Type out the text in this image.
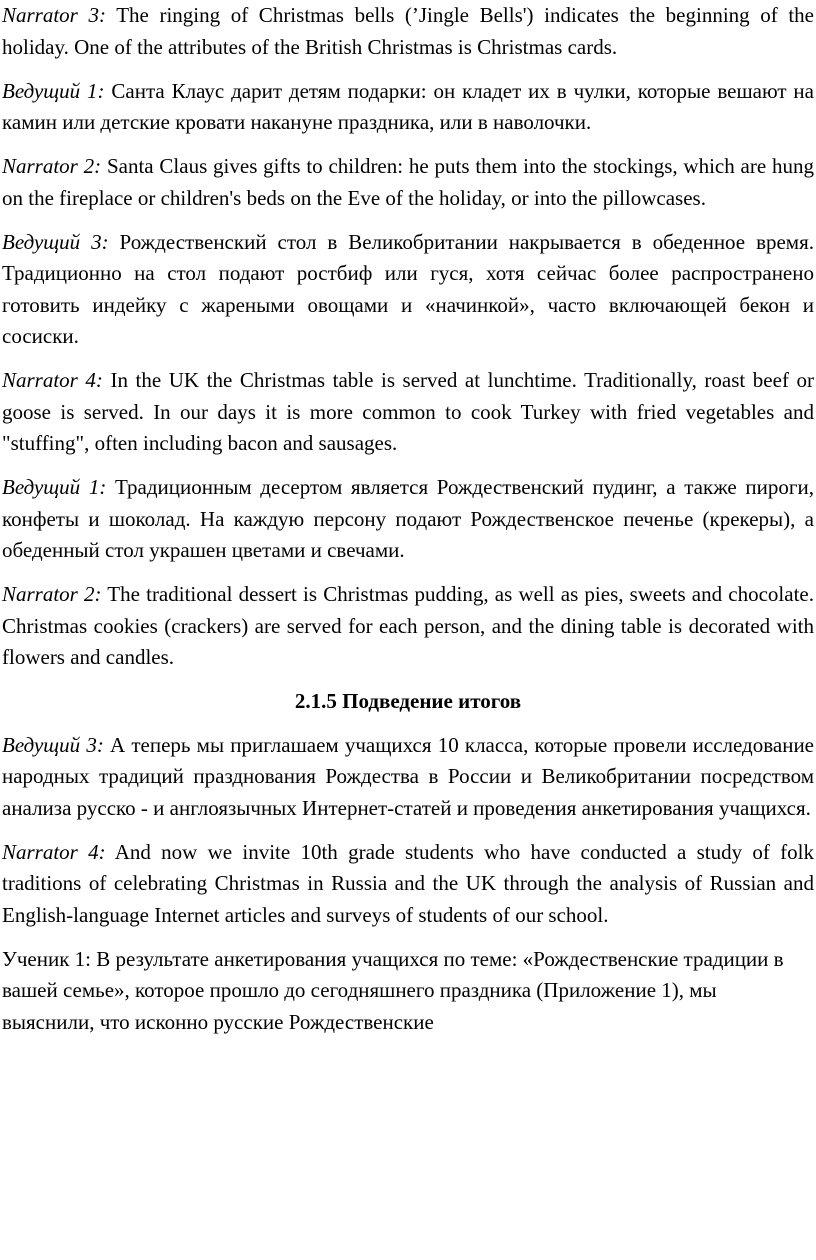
Narrator 3: The ringing of Christmas bells (’Jingle Bells') indicates the beginning of the holiday. One of the attributes of the British Christmas is Christmas cards.

Ведущий 1: Санта Клаус дарит детям подарки: он кладет их в чулки, которые вешают на камин или детские кровати накануне праздника, или в наволочки.

Narrator 2: Santa Claus gives gifts to children: he puts them into the stockings, which are hung on the fireplace or children's beds on the Eve of the holiday, or into the pillowcases.

Ведущий 3: Рождественский стол в Великобритании накрывается в обеденное время. Традиционно на стол подают ростбиф или гуся, хотя сейчас более распространено готовить индейку с жареными овощами и «начинкой», часто включающей бекон и сосиски.

Narrator 4: In the UK the Christmas table is served at lunchtime. Traditionally, roast beef or goose is served. In our days it is more common to cook Turkey with fried vegetables and "stuffing", often including bacon and sausages.

Ведущий 1: Традиционным десертом является Рождественский пудинг, а также пироги, конфеты и шоколад. На каждую персону подают Рождественское печенье (крекеры), а обеденный стол украшен цветами и свечами.

Narrator 2: The traditional dessert is Christmas pudding, as well as pies, sweets and chocolate. Christmas cookies (crackers) are served for each person, and the dining table is decorated with flowers and candles.

2.1.5 Подведение итогов

Ведущий 3: А теперь мы приглашаем учащихся 10 класса, которые провели исследование народных традиций празднования Рождества в России и Великобритании посредством анализа русско - и англоязычных Интернет-статей и проведения анкетирования учащихся.

Narrator 4: And now we invite 10th grade students who have conducted a study of folk traditions of celebrating Christmas in Russia and the UK through the analysis of Russian and English-language Internet articles and surveys of students of our school.

Ученик 1: В результате анкетирования учащихся по теме: «Рождественские традиции в вашей семье», которое прошло до сегодняшнего праздника (Приложение 1), мы выяснили, что исконно русские Рождественские
